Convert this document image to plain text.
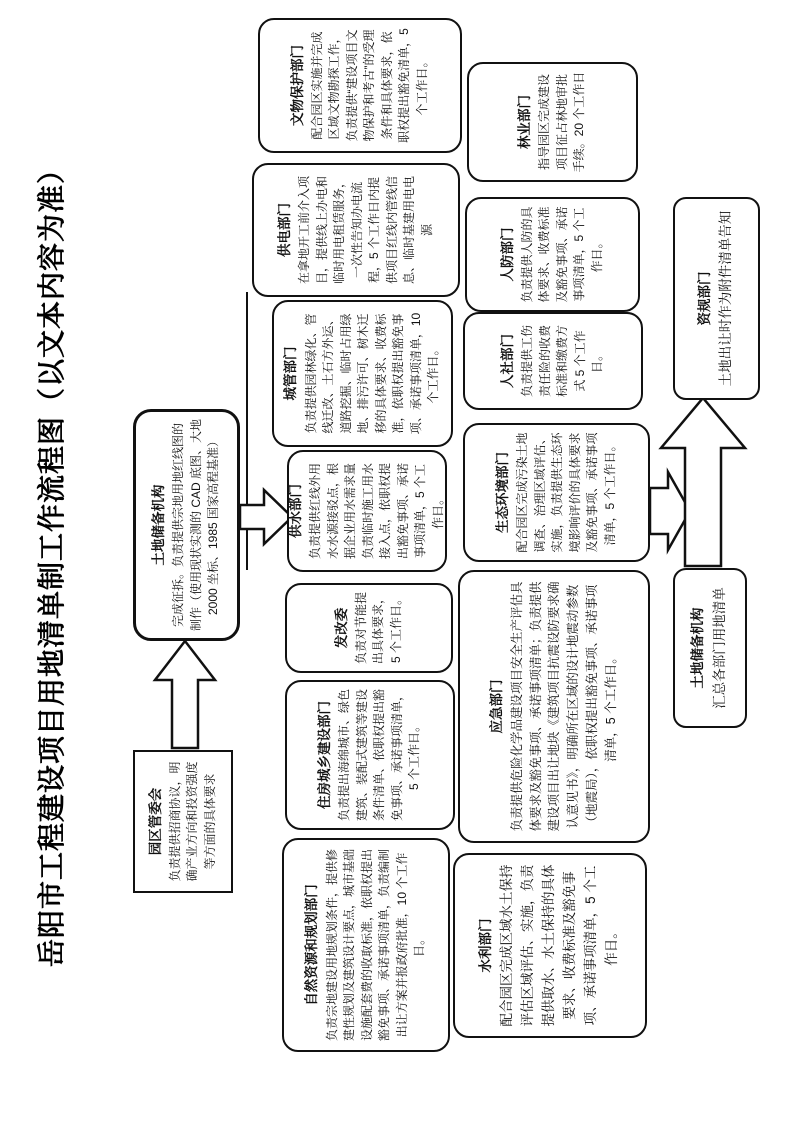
岳阳市工程建设项目用地清单制工作流程图（以文本内容为准）	园区管委会 负责提供招商协议，明确产业方向和投资强度等方面的具体要求
土地储备机构 完成征拆。负责提供宗地用地红线图的制作（使用现状实测的 CAD 底图、大地 2000 坐标、1985 国家高程基准）
自然资源和规划部门 负责宗地建设用地规划条件，提供修建性规划及建筑设计要点，城市基础设施配套费的收取标准，依职权提出豁免事项、承诺事项清单，负责编制出让方案并报政府批准，10 个工作日。
住房城乡建设部门 负责提出海绵城市、绿色建筑、装配式建筑等建设条件清单、依职权提出豁免事项、承诺事项清单，5 个工作日。
发改委 负责对节能提出具体要求，5 个工作日。
供水部门 负责提供红线外用水水源接驳点，根据企业用水需求量负责临时施工用水接入点，依职权提出豁免事项、承诺事项清单，5 个工作日。
城管部门 负责提供园林绿化、管线迁改、土石方外运、道路挖掘、临时占用绿地、排污许可、树木迁移的具体要求、收费标准，依职权提出豁免事项、承诺事项清单，10 个工作日。
供电部门 在拿地开工前介入项目，提供线上办电和临时用电租赁服务，一次性告知办电流程，5 个工作日内提供项目红线内管线信息、临时基建用电电源
文物保护部门 配合园区实施并完成区域文物勘探工作，负责提供“建设项目文物保护和考古”的受理条件和具体要求，依职权提出豁免清单，5 个工作日。
水利部门 配合园区完成区域水土保持评估区域评估、实施，负责提供取水、水土保持的具体要求、收费标准及豁免事项、承诺事项清单，5 个工作日。
应急部门 负责提供危险化学品建设项目安全生产评估具体要求及豁免事项、承诺事项清单；负责提供建设项目出让地块《建筑项目抗震设防要求确认意见书》，明确所在区域的设计地震动参数（地震局），依职权提出豁免事项、承诺事项清单，5 个工作日。
生态环境部门 配合园区完成污染土地调查、治理区域评估、实施，负责提供生态环境影响评价的具体要求及豁免事项、承诺事项清单，5 个工作日。
人社部门 负责提供工伤责任险的收费标准和缴费方式 5 个工作日。
人防部门 负责提供人防的具体要求、收费标准及豁免事项、承诺事项清单，5 个工作日。
林业部门 指导园区完成建设项目征占林地审批手续。20 个工作日
土地储备机构 汇总各部门用地清单
资规部门 土地出让时作为附件清单告知
